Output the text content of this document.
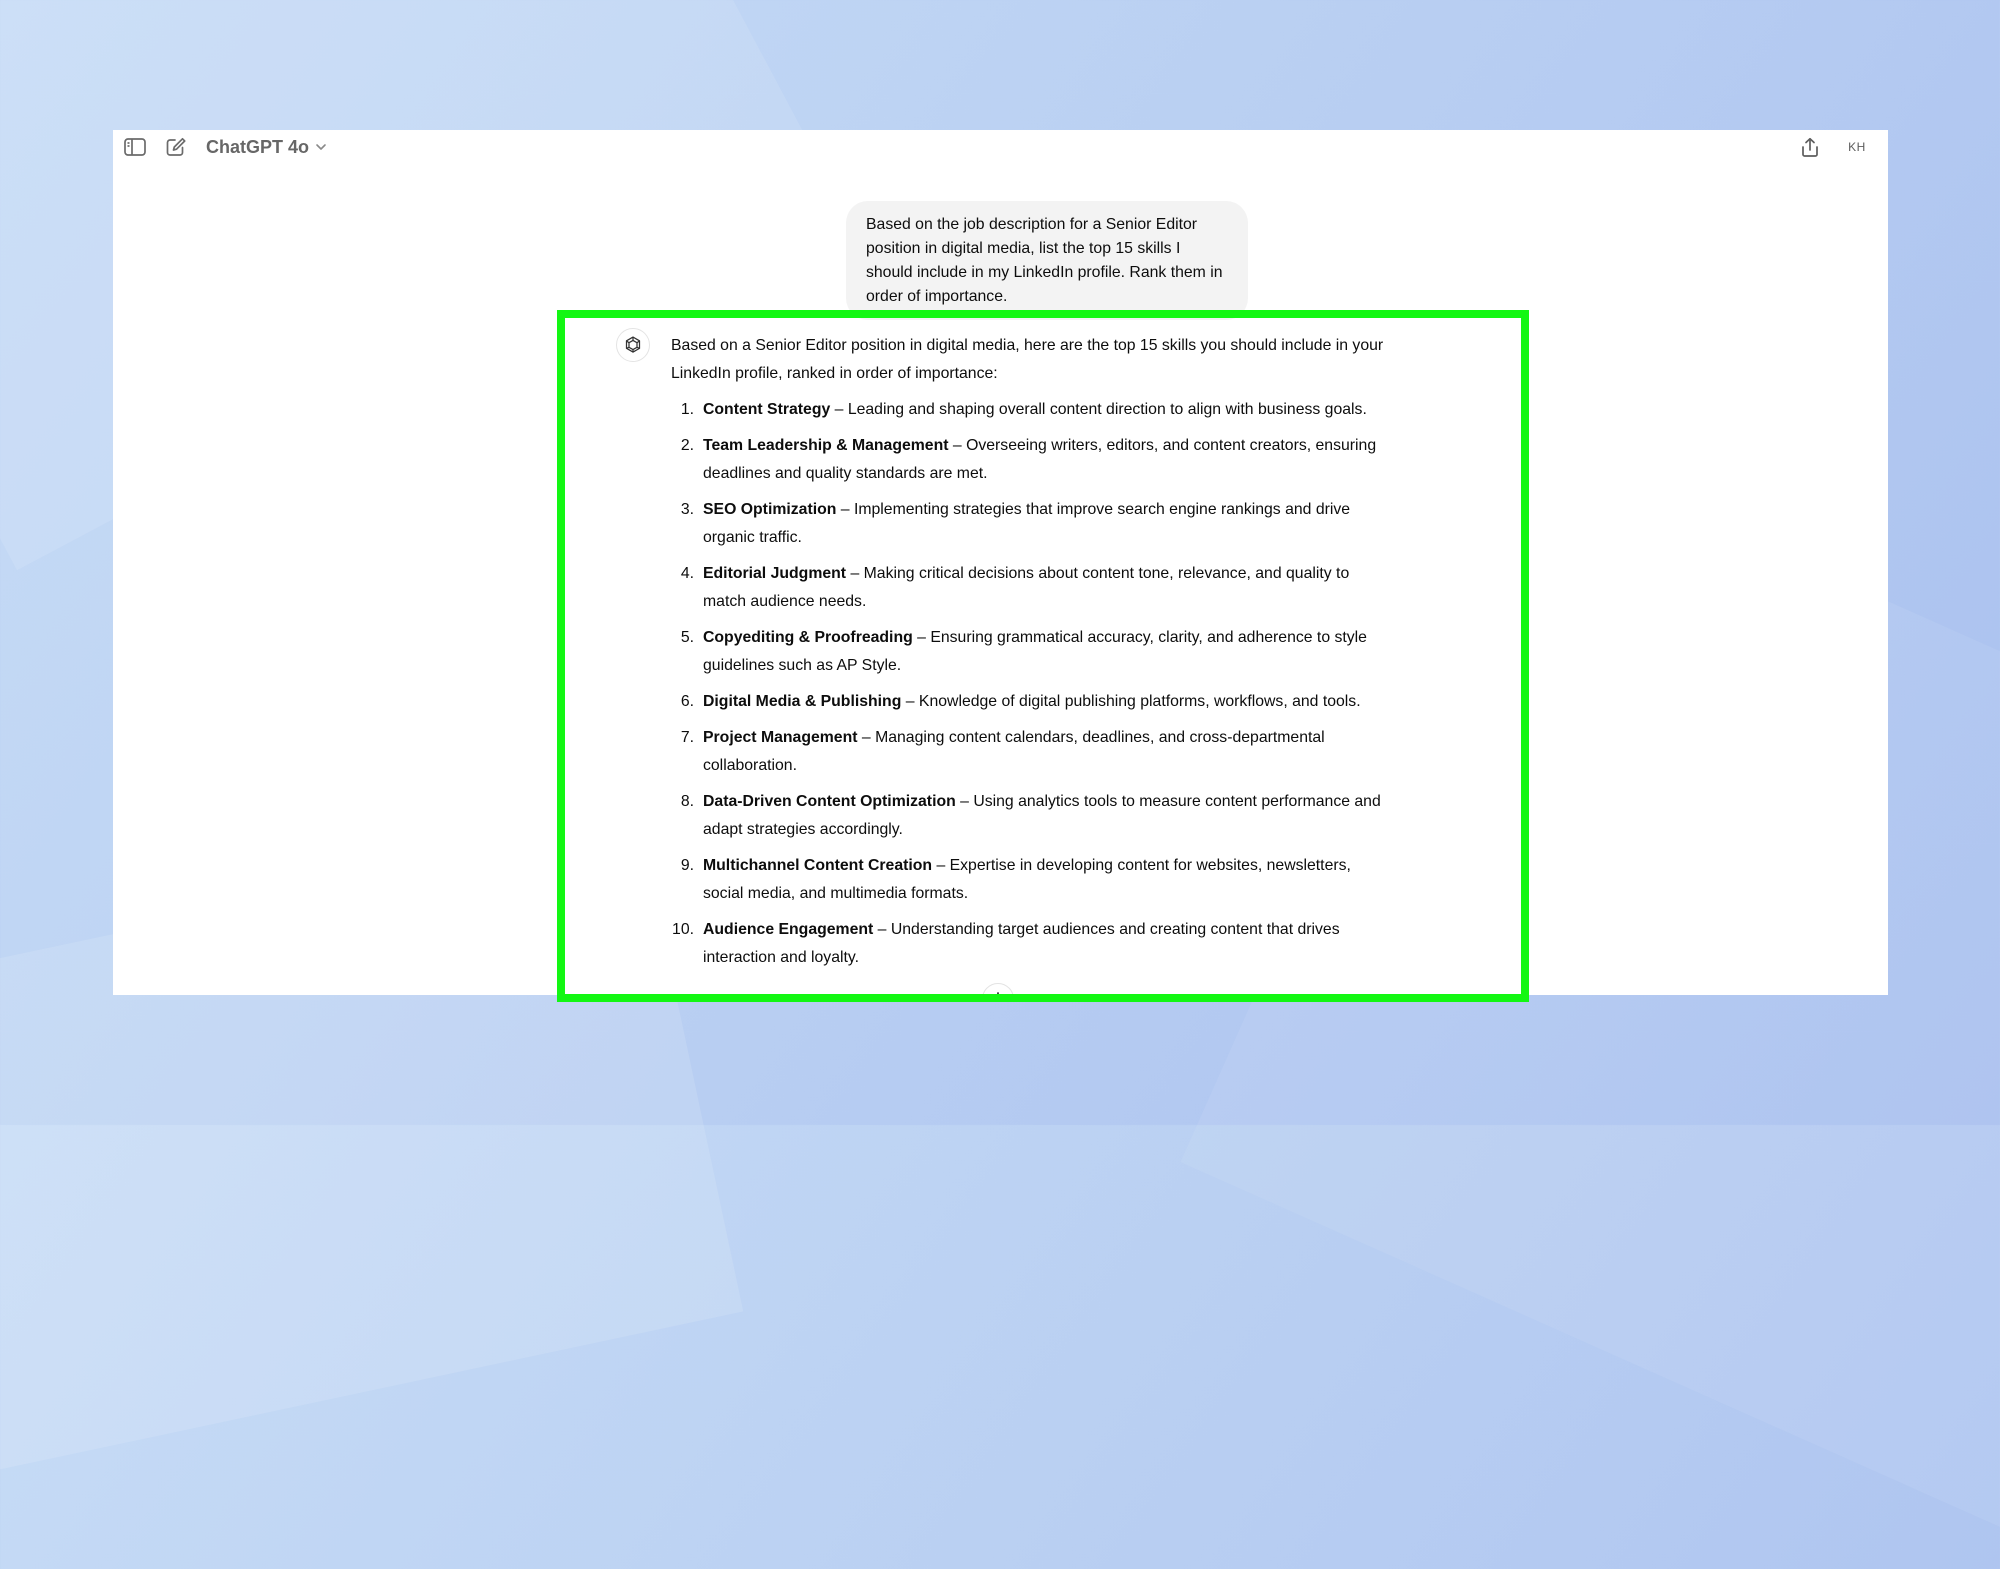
ChatGPT 4o	KH
Based on the job description for a Senior Editor position in digital media, list the top 15 skills I should include in my LinkedIn profile. Rank them in order of importance.

Based on a Senior Editor position in digital media, here are the top 15 skills you should include in your LinkedIn profile, ranked in order of importance:

1. Content Strategy – Leading and shaping overall content direction to align with business goals.
2. Team Leadership & Management – Overseeing writers, editors, and content creators, ensuring deadlines and quality standards are met.
3. SEO Optimization – Implementing strategies that improve search engine rankings and drive organic traffic.
4. Editorial Judgment – Making critical decisions about content tone, relevance, and quality to match audience needs.
5. Copyediting & Proofreading – Ensuring grammatical accuracy, clarity, and adherence to style guidelines such as AP Style.
6. Digital Media & Publishing – Knowledge of digital publishing platforms, workflows, and tools.
7. Project Management – Managing content calendars, deadlines, and cross-departmental collaboration.
8. Data-Driven Content Optimization – Using analytics tools to measure content performance and adapt strategies accordingly.
9. Multichannel Content Creation – Expertise in developing content for websites, newsletters, social media, and multimedia formats.
10. Audience Engagement – Understanding target audiences and creating content that drives interaction and loyalty.
